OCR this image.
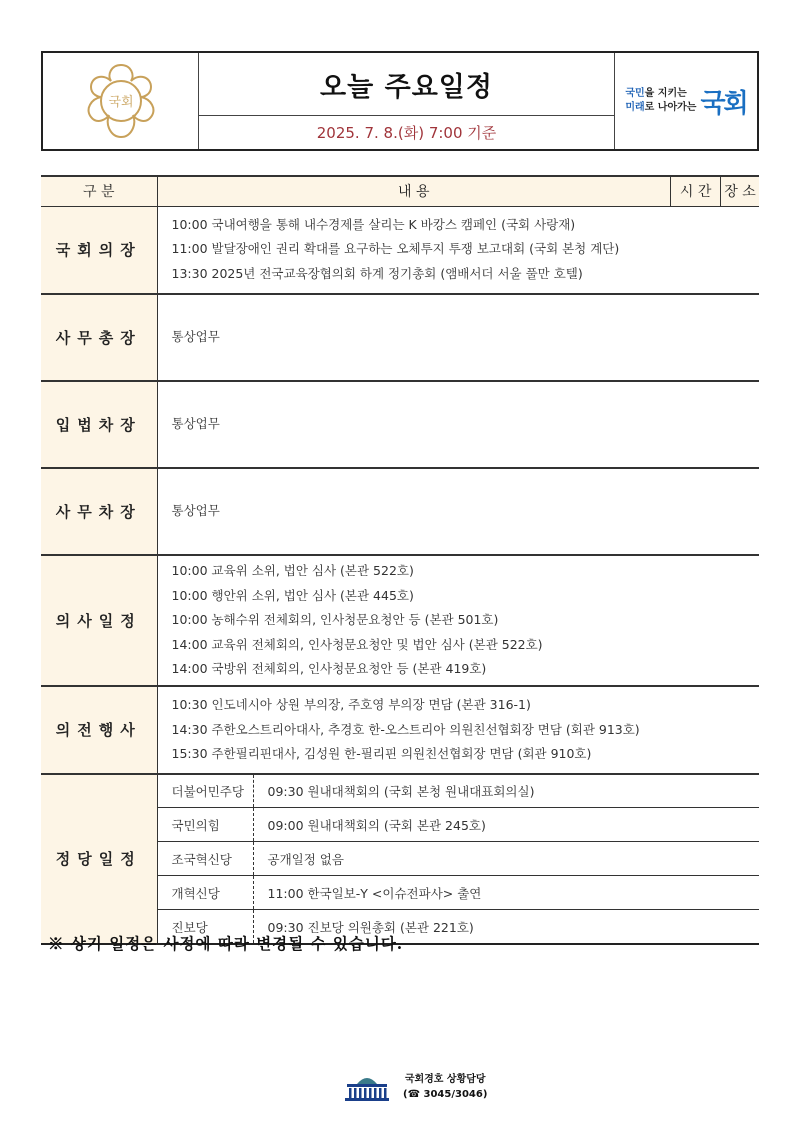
국회	오늘 주요일정
2025. 7. 8.(화) 7:00 기준
국민을 지키는
미래로 나아가는 국회
구 분	내 용		시 간	장 소
국회의장	10:00 국내여행을 통해 내수경제를 살리는 K 바캉스 캠페인 (국회 사랑재)
11:00 발달장애인 권리 확대를 요구하는 오체투지 투쟁 보고대회 (국회 본청 계단)
13:30 2025년 전국교육장협의회 하계 정기총회 (앰배서더 서울 풀만 호텔)			

사무총장	통상업무			
입법차장	통상업무			
사무차장	통상업무			
의사일정	10:00 교육위 소위, 법안 심사 (본관 522호)
10:00 행안위 소위, 법안 심사 (본관 445호)
10:00 농해수위 전체회의, 인사청문요청안 등 (본관 501호)
14:00 교육위 전체회의, 인사청문요청안 및 법안 심사 (본관 522호)
14:00 국방위 전체회의, 인사청문요청안 등 (본관 419호)			

의전행사	10:30 인도네시아 상원 부의장, 주호영 부의장 면담 (본관 316-1)
14:30 주한오스트리아대사, 추경호 한-오스트리아 의원친선협회장 면담 (회관 913호)
15:30 주한필리핀대사, 김성원 한-필리핀 의원친선협회장 면담 (회관 910호)			

정당일정	더불어민주당	09:30 원내대책회의 (국회 본청 원내대표회의실)		
	국민의힘	09:00 원내대책회의 (국회 본관 245호)		
	조국혁신당	공개일정 없음		
	개혁신당	11:00 한국일보-Y <이슈전파사> 출연		
	진보당	09:30 진보당 의원총회 (본관 221호)		
※ 상기 일정은 사정에 따라 변경될 수 있습니다.
국회경호 상황담당
(☎ 3045/3046)
